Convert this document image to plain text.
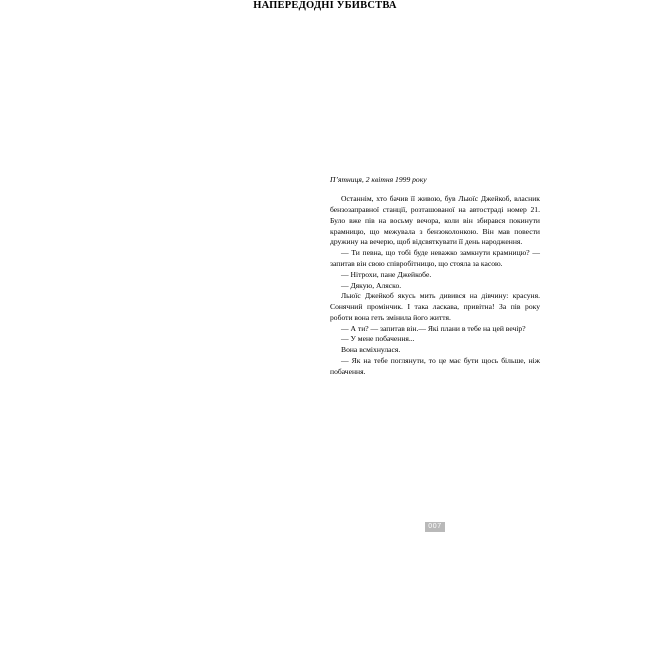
НАПЕРЕДОДНІ УБИВСТВА
П’ятниця, 2 квітня 1999 року

Останнім, хто бачив її живою, був Льюїс Джейкоб, власник бензозаправної станції, розташованої на автостраді номер 21. Було вже пів на восьму вечора, коли він збирався покинути крамницю, що межувала з бензоколонкою. Він мав повести дружину на вечерю, щоб відсвяткувати її день народження.

— Ти певна, що тобі буде неважко замкнути крамницю? — запитав він свою співробітницю, що стояла за касою.

— Нітрохи, пане Джейкобе.

— Дякую, Аляско.

Льюїс Джейкоб якусь мить дивився на дівчину: красуня. Сонячний промінчик. І така ласкава, привітна! За пів року роботи вона геть змінила його життя.

— А ти? — запитав він.— Які плани в тебе на цей вечір?

— У мене побачення...

Вона всміхнулася.

— Як на тебе поглянути, то це має бути щось більше, ніж побачення.

007
